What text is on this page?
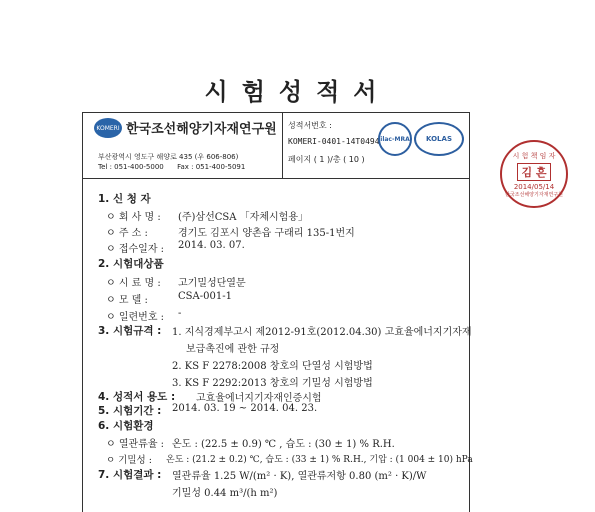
시험성적서
KOMERI 한국조선해양기자재연구원
부산광역시 영도구 해양로 435 (우 606-806)
Tel : 051-400-5000 Fax : 051-400-5091
성적서번호 :
KOMERI-0401-14T0494
페이지 ( 1 )/총 ( 10 )
ilac-MRA KOLAS
시 험 책 임 자
김 흔
2014/05/14
한국조선해양기자재연구원
1. 신 청 자
ㅇ 회 사 명 : (주)삼선CSA 「자체시험용」
ㅇ 주 소 :	경기도 김포시 양촌읍 구래리 135-1번지
ㅇ 접수일자 : 2014. 03. 07.
2. 시험대상품
ㅇ 시 료 명 : 고기밀성단열문
ㅇ 모 델 :	CSA-001-1
ㅇ 일련번호 : -
3. 시험규격 : 1. 지식경제부고시 제2012-91호(2012.04.30) 고효율에너지기자재
보급촉진에 관한 규정
2. KS F 2278:2008 창호의 단열성 시험방법
3. KS F 2292:2013 창호의 기밀성 시험방법
4. 성적서 용도 : 고효율에너지기자재인증시험
5. 시험기간 : 2014. 03. 19 ~ 2014. 04. 23.
6. 시험환경
ㅇ 열관류율 : 온도 : (22.5 ± 0.9) ℃ , 습도 : (30 ± 1) % R.H.
ㅇ 기밀성 : 온도 : (21.2 ± 0.2) ℃, 습도 : (33 ± 1) % R.H., 기압 : (1 004 ± 10) hPa
7. 시험결과 : 열관류율 1.25 W/(m² · K), 열관류저항 0.80 (m² · K)/W
기밀성 0.44 m³/(h m²)
